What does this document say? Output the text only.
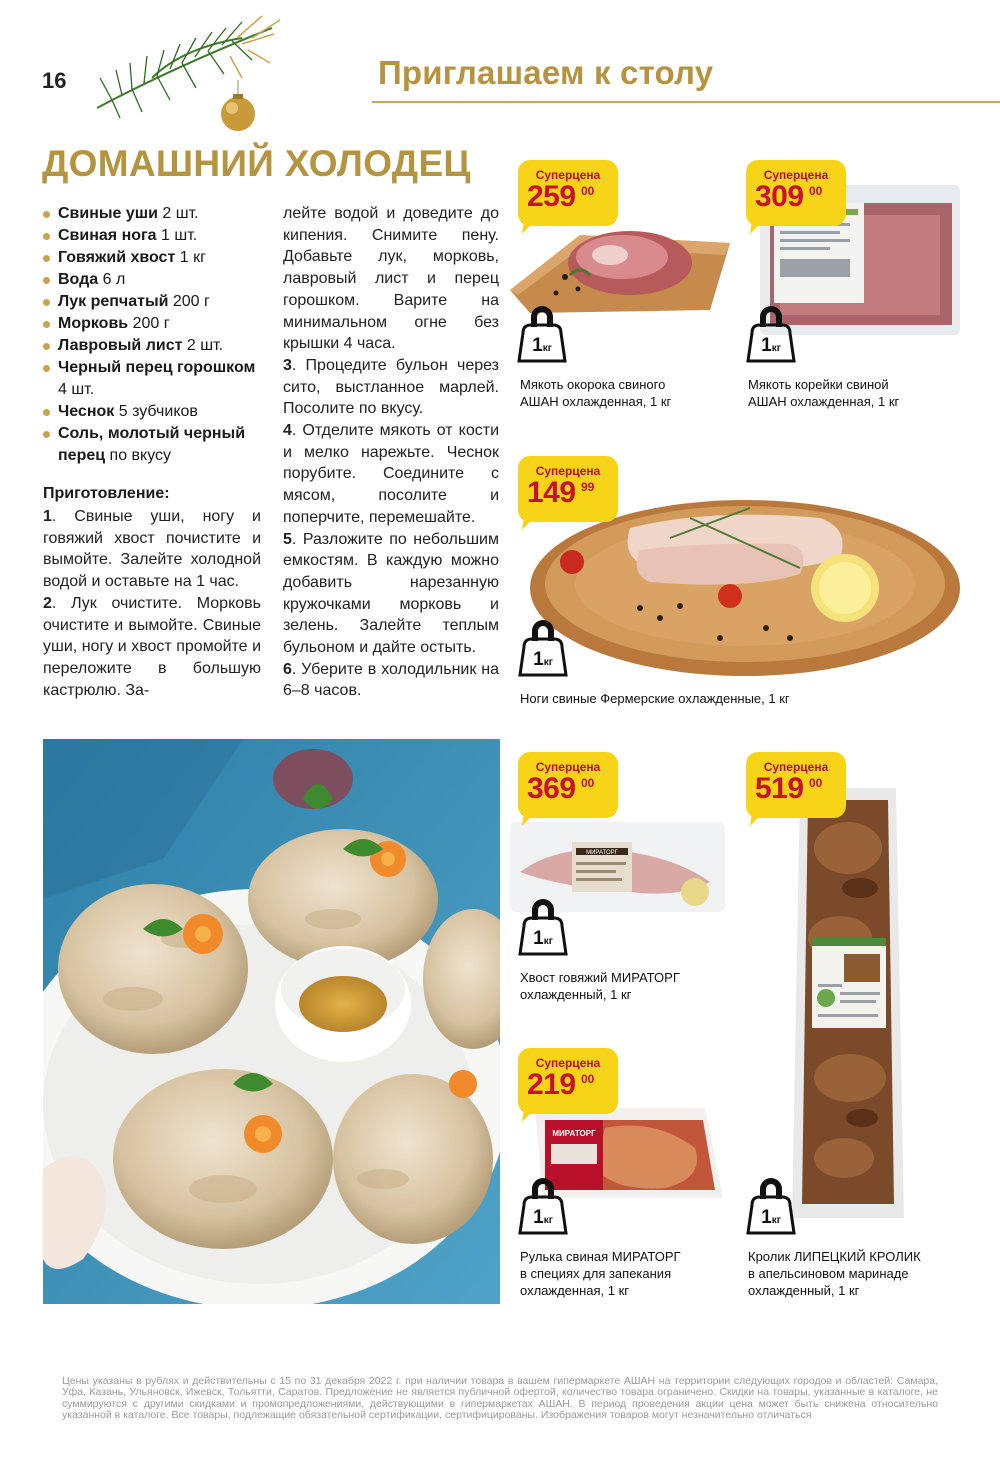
16	Приглашаем к столу
ДОМАШНИЙ ХОЛОДЕЦ
Свиные уши 2 шт.
Свиная нога 1 шт.
Говяжий хвост 1 кг
Вода 6 л
Лук репчатый 200 г
Морковь 200 г
Лавровый лист 2 шт.
Черный перец горошком 4 шт.
Чеснок 5 зубчиков
Соль, молотый черный перец по вкусу
Приготовление:
1. Свиные уши, ногу и говяжий хвост почистите и вымойте. Залейте холодной водой и оставьте на 1 час.
2. Лук очистите. Морковь очистите и вымойте. Свиные уши, ногу и хвост промойте и переложите в большую кастрюлю. За-
лейте водой и доведите до кипения. Снимите пену. Добавьте лук, морковь, лавровый лист и перец горошком. Варите на минимальном огне без крышки 4 часа.
3. Процедите бульон через сито, выстланное марлей. Посолите по вкусу.
4. Отделите мякоть от кости и мелко нарежьте. Чеснок порубите. Соедините с мясом, посолите и поперчите, перемешайте.
5. Разложите по небольшим емкостям. В каждую можно добавить нарезанную кружочками морковь и зелень. Залейте теплым бульоном и дайте остыть.
6. Уберите в холодильник на 6–8 часов.
Суперцена
259 00
1кг
Мякоть окорока свиного
АШАН охлажденная, 1 кг
Суперцена
309 00
1кг
Мякоть корейки свиной
АШАН охлажденная, 1 кг
Суперцена
149 99
1кг
Ноги свиные Фермерские охлажденные, 1 кг
МИРАТОРГ
Суперцена
369 00
1кг
Хвост говяжий МИРАТОРГ
охлажденный, 1 кг
Суперцена
519 00
1кг
Кролик ЛИПЕЦКИЙ КРОЛИК
в апельсиновом маринаде
охлажденный, 1 кг
МИРАТОРГ
Суперцена
219 00
1кг
Рулька свиная МИРАТОРГ
в специях для запекания
охлажденная, 1 кг
Цены указаны в рублях и действительны с 15 по 31 декабря 2022 г. при наличии товара в вашем гипермаркете АШАН на территории следующих городов и областей: Самара, Уфа, Казань, Ульяновск, Ижевск, Тольятти, Саратов. Предложение не является публичной офертой, количество товара ограничено. Скидки на товары, указанные в каталоге, не суммируются с другими скидками и промопредложениями, действующими в гипермаркетах АШАН. В период проведения акции цена может быть снижена относительно указанной в каталоге. Все товары, подлежащие обязательной сертификации, сертифицированы. Изображения товаров могут незначительно отличаться
